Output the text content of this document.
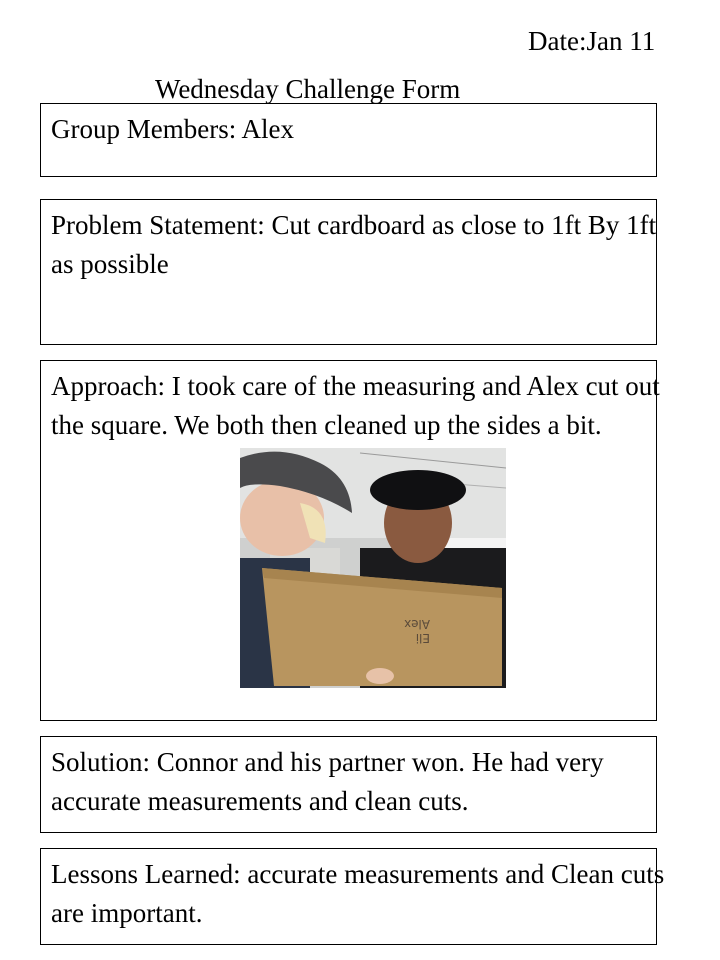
Date:Jan 11
Wednesday Challenge Form
Group Members: Alex
Problem Statement: Cut cardboard as close to 1ft By 1ft as possible
Approach: I took care of the measuring and Alex cut out the square. We both then cleaned up the sides a bit.
Alex
Eli
Solution: Connor and his partner won. He had very accurate measurements and clean cuts.
Lessons Learned: accurate measurements and Clean cuts are important.
